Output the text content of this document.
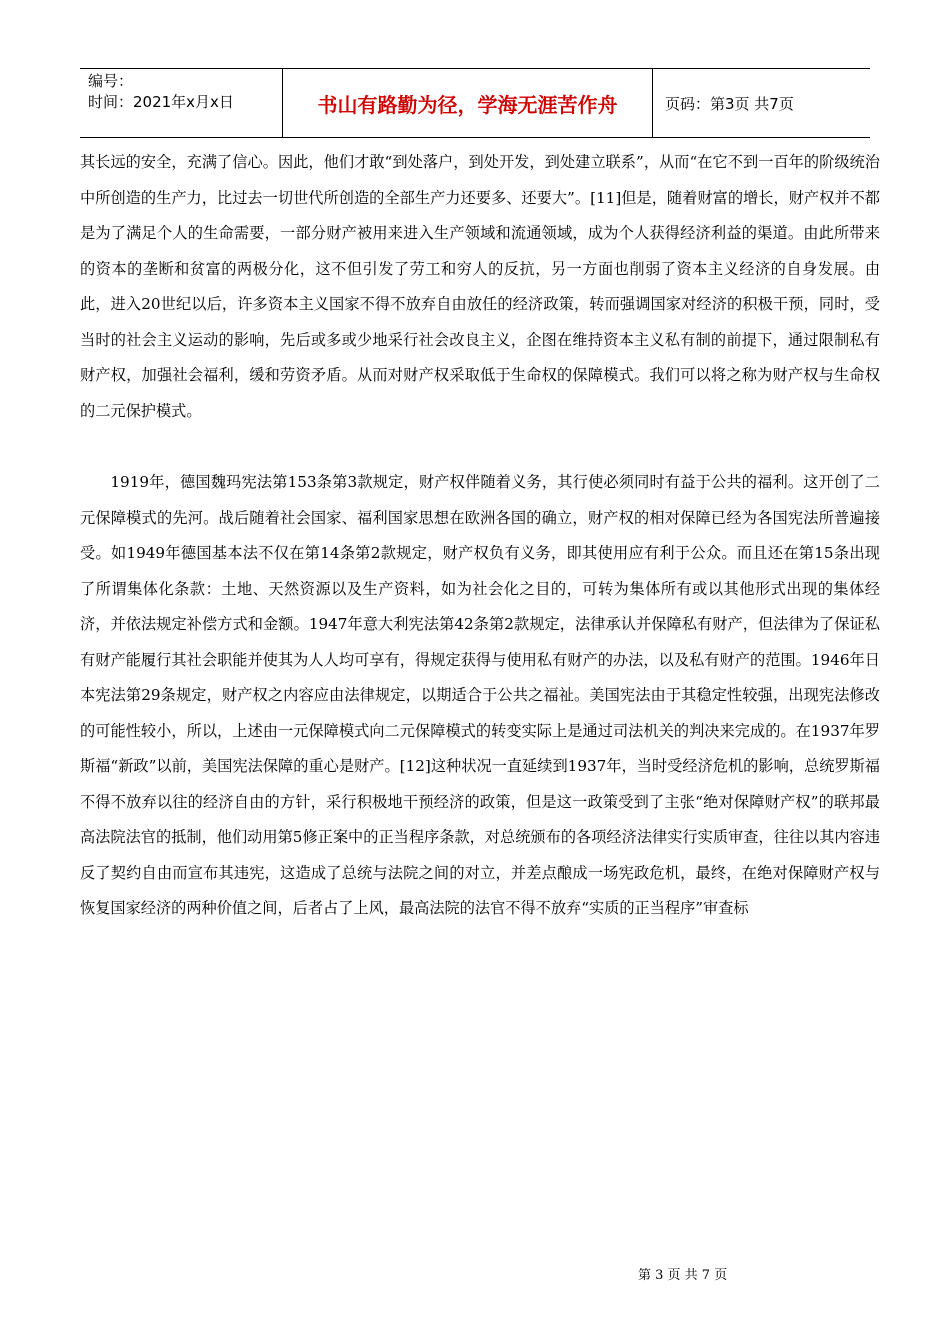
编号：
时间：2021年x月x日	书山有路勤为径，学海无涯苦作舟	页码：第3页 共7页

其长远的安全，充满了信心。因此，他们才敢“到处落户，到处开发，到处建立联系”，从而“在它不到一百年的阶级统治中所创造的生产力，比过去一切世代所创造的全部生产力还要多、还要大”。[11]但是，随着财富的增长，财产权并不都是为了满足个人的生命需要，一部分财产被用来进入生产领域和流通领域，成为个人获得经济利益的渠道。由此所带来的资本的垄断和贫富的两极分化，这不但引发了劳工和穷人的反抗，另一方面也削弱了资本主义经济的自身发展。由此，进入20世纪以后，许多资本主义国家不得不放弃自由放任的经济政策，转而强调国家对经济的积极干预，同时，受当时的社会主义运动的影响，先后或多或少地采行社会改良主义，企图在维持资本主义私有制的前提下，通过限制私有财产权，加强社会福利，缓和劳资矛盾。从而对财产权采取低于生命权的保障模式。我们可以将之称为财产权与生命权的二元保护模式。

1919年，德国魏玛宪法第153条第3款规定，财产权伴随着义务，其行使必须同时有益于公共的福利。这开创了二元保障模式的先河。战后随着社会国家、福利国家思想在欧洲各国的确立，财产权的相对保障已经为各国宪法所普遍接受。如1949年德国基本法不仅在第14条第2款规定，财产权负有义务，即其使用应有利于公众。而且还在第15条出现了所谓集体化条款：土地、天然资源以及生产资料，如为社会化之目的，可转为集体所有或以其他形式出现的集体经济，并依法规定补偿方式和金额。1947年意大利宪法第42条第2款规定，法律承认并保障私有财产，但法律为了保证私有财产能履行其社会职能并使其为人人均可享有，得规定获得与使用私有财产的办法，以及私有财产的范围。1946年日本宪法第29条规定，财产权之内容应由法律规定，以期适合于公共之福祉。美国宪法由于其稳定性较强，出现宪法修改的可能性较小，所以，上述由一元保障模式向二元保障模式的转变实际上是通过司法机关的判决来完成的。在1937年罗斯福“新政”以前，美国宪法保障的重心是财产。[12]这种状况一直延续到1937年，当时受经济危机的影响，总统罗斯福不得不放弃以往的经济自由的方针，采行积极地干预经济的政策，但是这一政策受到了主张“绝对保障财产权”的联邦最高法院法官的抵制，他们动用第5修正案中的正当程序条款，对总统颁布的各项经济法律实行实质审查，往往以其内容违反了契约自由而宣布其违宪，这造成了总统与法院之间的对立，并差点酿成一场宪政危机，最终，在绝对保障财产权与恢复国家经济的两种价值之间，后者占了上风，最高法院的法官不得不放弃“实质的正当程序”审查标

第 3 页 共 7 页
